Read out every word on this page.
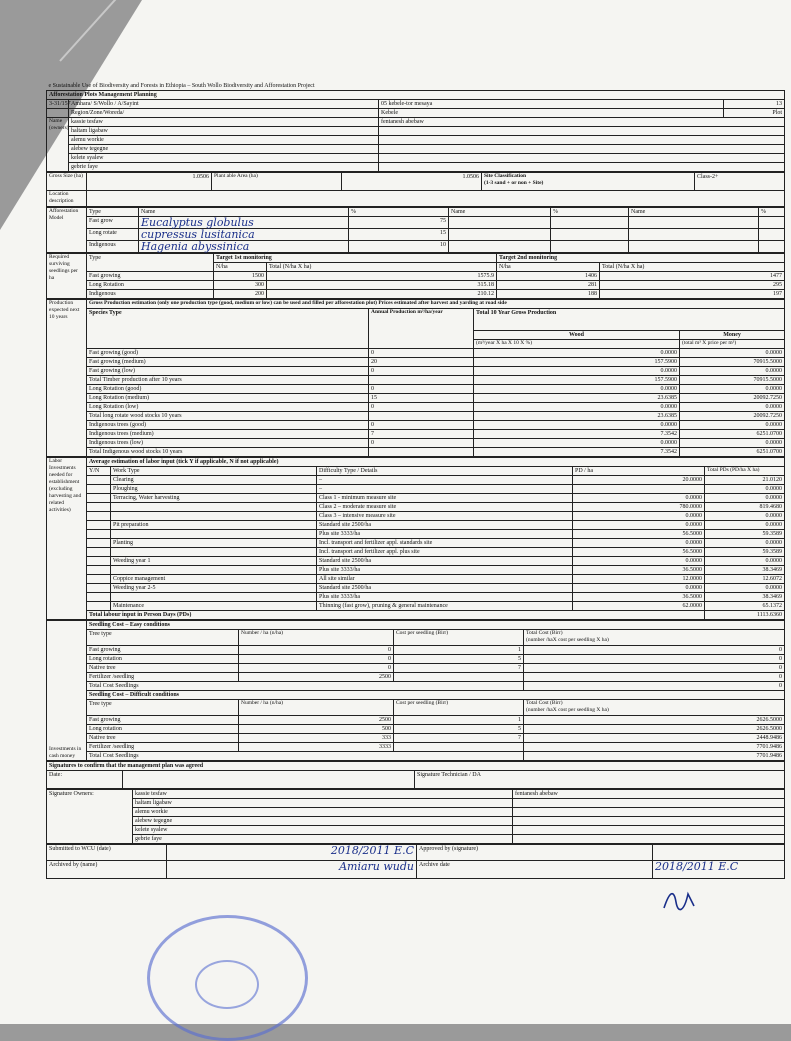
e Sustainable Use of Biodiversity and Forests in Ethiopia – South Wollo Biodiversity and Afforestation Project			
Afforestation Plots Management Planning			
3-31/157	Amhara/ S/Wollo / A/Sayint	05 kebele-tor mesaya	13
	Region/Zone/Woreda/	Kebele	Plot
Name (owners)	kassie tesfaw	fentanesh abebaw	
	haltam ligabaw		
	alemu workie		
	alebew tegegne		
	kelete syalew		
	gebrie faye		
Gross Size (ha)	1.0506	Plant able Area (ha)	1.0506	Site Classification
(1-3 sand + or non + Site)	Class-2+
Location description					
Afforestation Model	Type	Name	%	Name	%	Name	%
	Fast grow	Eucalyptus globulus	75				
	Long rotate	cupressus lusitanica	15				
	Indigenous	Hagenia abyssinica	10				
Required surviving seedlings per ha	Type	Target 1st monitoring		Target 2nd monitoring	
		N/ha	Total (N/ha X ha)	N/ha	Total (N/ha X ha)
	Fast growing	1500	1575.9	1406	1477
	Long Rotation	300	315.18	281	295
	Indigenous	200	210.12	188	197
Production expected next 10 years	Gross Production estimation (only one production type (good, medium or low) can be used and filled per afforestation plot) Prices estimated after harvest and yarding at road side			
	Species Type	Annual Production m³/ha/year	Total 10 Year Gross Production	
			Wood	Money
			(m³/year X ha X 10 X %)	(total m³ X price per m³)
	Fast growing (good)	0	0.0000	0.0000
	Fast growing (medium)	20	157.5900	70915.5000
	Fast growing (low)	0	0.0000	0.0000
	Total Timber production after 10 years		157.5900	70915.5000
	Long Rotation (good)	0	0.0000	0.0000
	Long Rotation (medium)	15	23.6385	20092.7250
	Long Rotation (low)	0	0.0000	0.0000
	Total long rotate wood stocks 10 years		23.6385	20092.7250
	Indigenous trees (good)	0	0.0000	0.0000
	Indigenous trees (medium)	7	7.3542	6251.0700
	Indigenous trees (low)	0	0.0000	0.0000
	Total Indigenous wood stocks 10 years		7.3542	6251.0700
Labor Investments needed for establishment (excluding harvesting and related activities)	Average estimation of labor input (tick Y if applicable, N if not applicable)				
	Y/N	Work Type	Difficulty Type / Details	PD / ha	Total PDs (PD/ha X ha)
		Clearing	–	20.0000	21.0120
		Ploughing	–		0.0000
		Terracing, Water harvesting	Class 1 - minimum measure site	0.0000	0.0000
			Class 2 – moderate measure site	780.0000	819.4680
			Class 3 – intensive measure site	0.0000	0.0000
		Pit preparation	Standard site 2500/ha	0.0000	0.0000
			Plus site 3333/ha	56.5000	59.3589
		Planting	Incl. transport and fertilizer appl. standards site	0.0000	0.0000
			Incl. transport and fertilizer appl. plus site	56.5000	59.3589
		Weeding year 1	Standard site 2500/ha	0.0000	0.0000
			Plus site 3333/ha	36.5000	38.3469
		Coppice management	All site similar	12.0000	12.6072
		Weeding year 2-5	Standard site 2500/ha	0.0000	0.0000
			Plus site 3333/ha	36.5000	38.3469
		Maintenance	Thinning (fast grow), pruning & general maintenance	62.0000	65.1372
	Total labour input in Person Days (PDs)				1113.6360
Investments in cash money	Seedling Cost – Easy conditions			
	Tree type	Number / ha (n/ha)	Cost per seedling (Birr)	Total Cost (Birr)
(number /haX cost per seedling X ha)
	Fast growing	0	1	0
	Long rotation	0	5	0
	Native tree	0	7	0
	Fertilizer /seedling	2500		0
	Total Cost Seedlings			0
	Seedling Cost – Difficult conditions			
	Tree type	Number / ha (n/ha)	Cost per seedling (Birr)	Total Cost (Birr)
(number /haX cost per seedling X ha)
	Fast growing	2500	1	2626.5000
	Long rotation	500	5	2626.5000
	Native tree	333	7	2448.9486
	Fertilizer /seedling	3333		7701.9486
	Total Cost Seedlings			7701.9486
Signatures to confirm that the management plan was agreed
Date:		Signature Technician / DA
Signature Owners:	kassie tesfaw	fentanesh abebaw
	haltam ligabaw	
	alemu workie	
	alebew tegegne	
	kelete syalew	
	gebrie faye	
Submitted to WCU (date)	2018/2011 E.C	Approved by (signature)	
Archived by (name)	Amiaru wudu	Archive date	2018/2011 E.C
